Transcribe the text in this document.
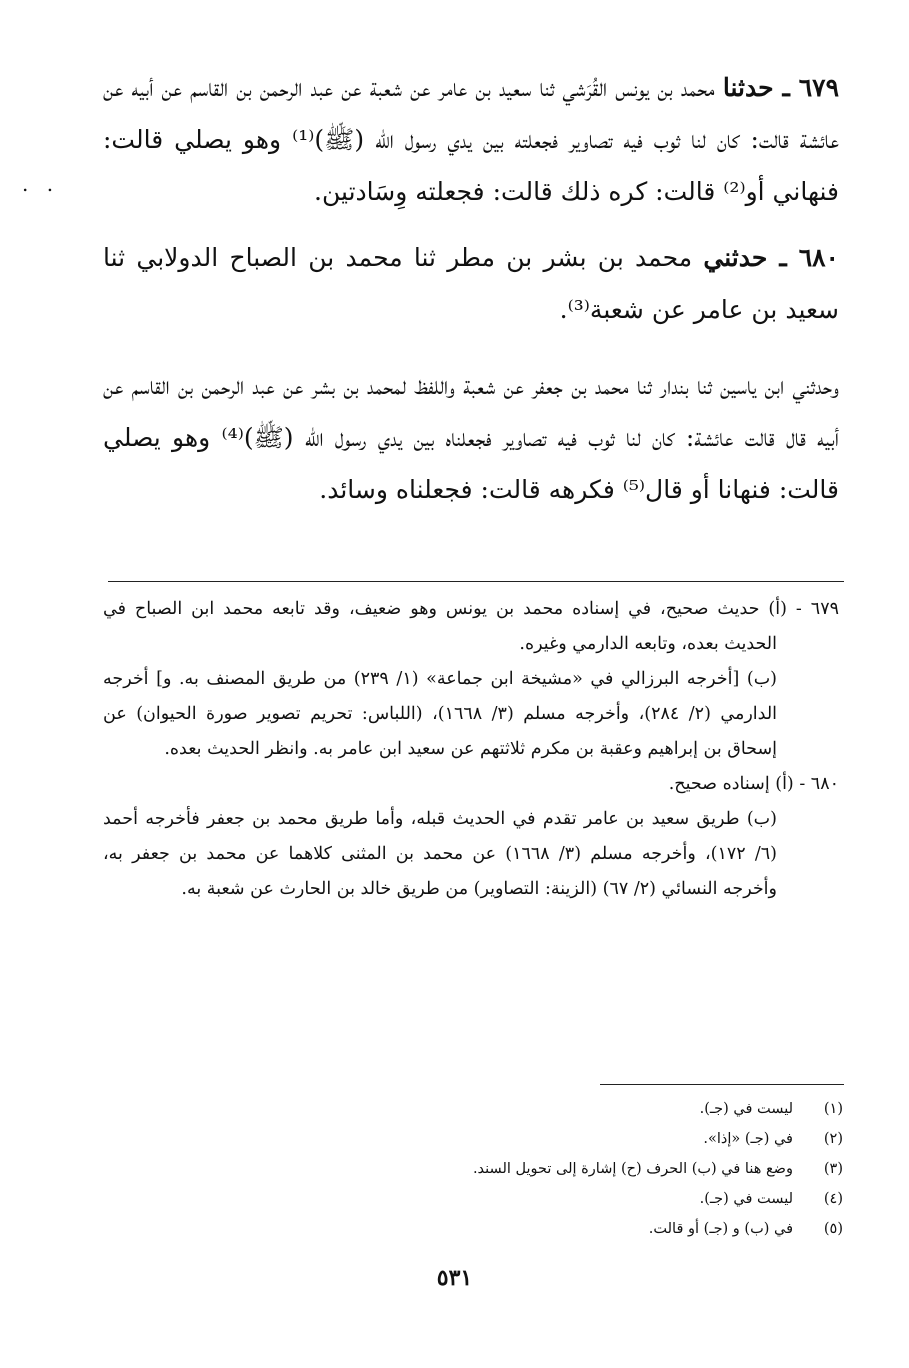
. .

٦٧٩ ـ حدثنا محمد بن يونس القُرَشي ثنا سعيد بن عامر عن شعبة عن عبد الرحمن بن القاسم عن أبيه عن عائشة قالت: كان لنا ثوب فيه تصاوير فجعلته بين يدي رسول الله (ﷺ)⁽¹⁾ وهو يصلي قالت: فنهاني أو⁽²⁾ قالت: كره ذلك قالت: فجعلته وِسَادتين.

٦٨٠ ـ حدثني محمد بن بشر بن مطر ثنا محمد بن الصباح الدولابي ثنا سعيد بن عامر عن شعبة⁽³⁾.

وحدثني ابن ياسين ثنا بندار ثنا محمد بن جعفر عن شعبة واللفظ لمحمد بن بشر عن عبد الرحمن بن القاسم عن أبيه قال قالت عائشة: كان لنا ثوب فيه تصاوير فجعلناه بين يدي رسول الله (ﷺ)⁽⁴⁾ وهو يصلي قالت: فنهانا أو قال⁽⁵⁾ فكرهه قالت: فجعلناه وسائد.

٦٧٩ - (أ) حديث صحيح، في إسناده محمد بن يونس وهو ضعيف، وقد تابعه محمد ابن الصباح في الحديث بعده، وتابعه الدارمي وغيره.

(ب) [أخرجه البرزالي في «مشيخة ابن جماعة» (١/ ٢٣٩) من طريق المصنف به. و] أخرجه الدارمي (٢/ ٢٨٤)، وأخرجه مسلم (٣/ ١٦٦٨)، (اللباس: تحريم تصوير صورة الحيوان) عن إسحاق بن إبراهيم وعقبة بن مكرم ثلاثتهم عن سعيد ابن عامر به. وانظر الحديث بعده.

٦٨٠ - (أ) إسناده صحيح.

(ب) طريق سعيد بن عامر تقدم في الحديث قبله، وأما طريق محمد بن جعفر فأخرجه أحمد (٦/ ١٧٢)، وأخرجه مسلم (٣/ ١٦٦٨) عن محمد بن المثنى كلاهما عن محمد بن جعفر به، وأخرجه النسائي (٢/ ٦٧) (الزينة: التصاوير) من طريق خالد بن الحارث عن شعبة به.

(١)
ليست في (جـ).
(٢)
في (جـ) «إذا».
(٣)
وضع هنا في (ب) الحرف (ح) إشارة إلى تحويل السند.
(٤)
ليست في (جـ).
(٥)
في (ب) و (جـ) أو قالت.
٥٣١
